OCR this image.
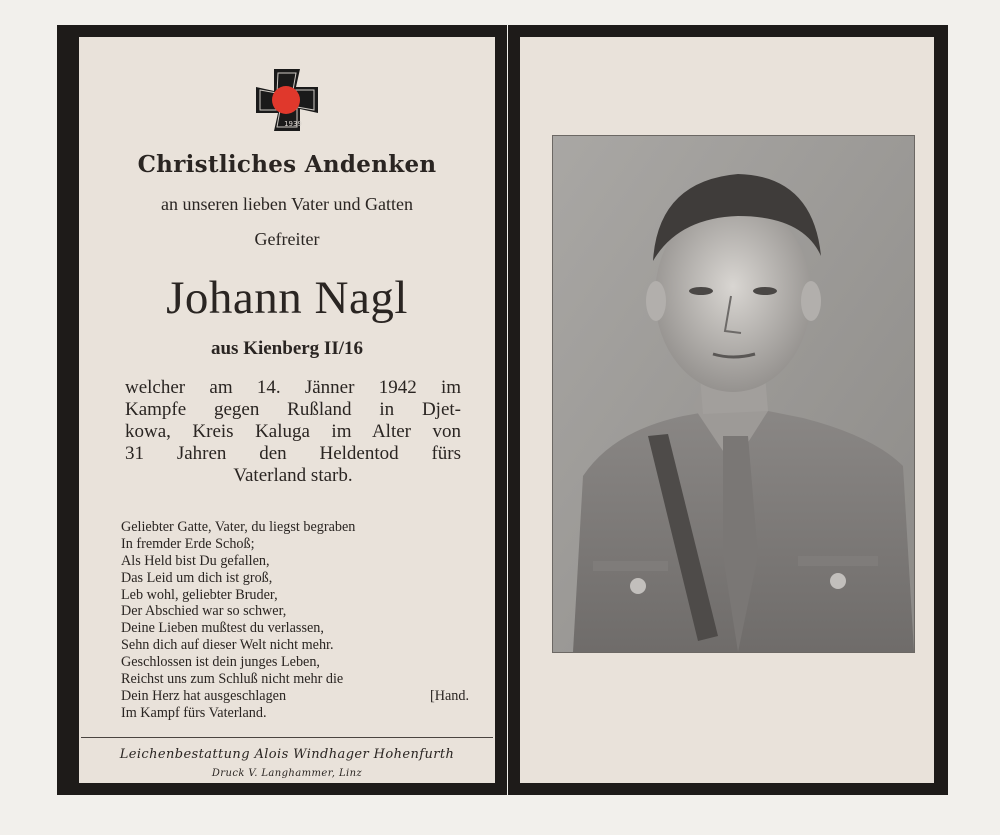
1939
Christliches Andenken
an unseren lieben Vater und Gatten
Gefreiter
Johann Nagl
aus Kienberg II/16
welcher am 14. Jänner 1942 im
Kampfe gegen Rußland in Djet-
kowa, Kreis Kaluga im Alter von
31 Jahren den Heldentod fürs
Vaterland starb.
Geliebter Gatte, Vater, du liegst begraben
In fremder Erde Schoß;
Als Held bist Du gefallen,
Das Leid um dich ist groß,
Leb wohl, geliebter Bruder,
Der Abschied war so schwer,
Deine Lieben mußtest du verlassen,
Sehn dich auf dieser Welt nicht mehr.
Geschlossen ist dein junges Leben,
Reichst uns zum Schluß nicht mehr die
Dein Herz hat ausgeschlagen	[Hand.
Im Kampf fürs Vaterland.
Leichenbestattung Alois Windhager Hohenfurth
Druck V. Langhammer, Linz
